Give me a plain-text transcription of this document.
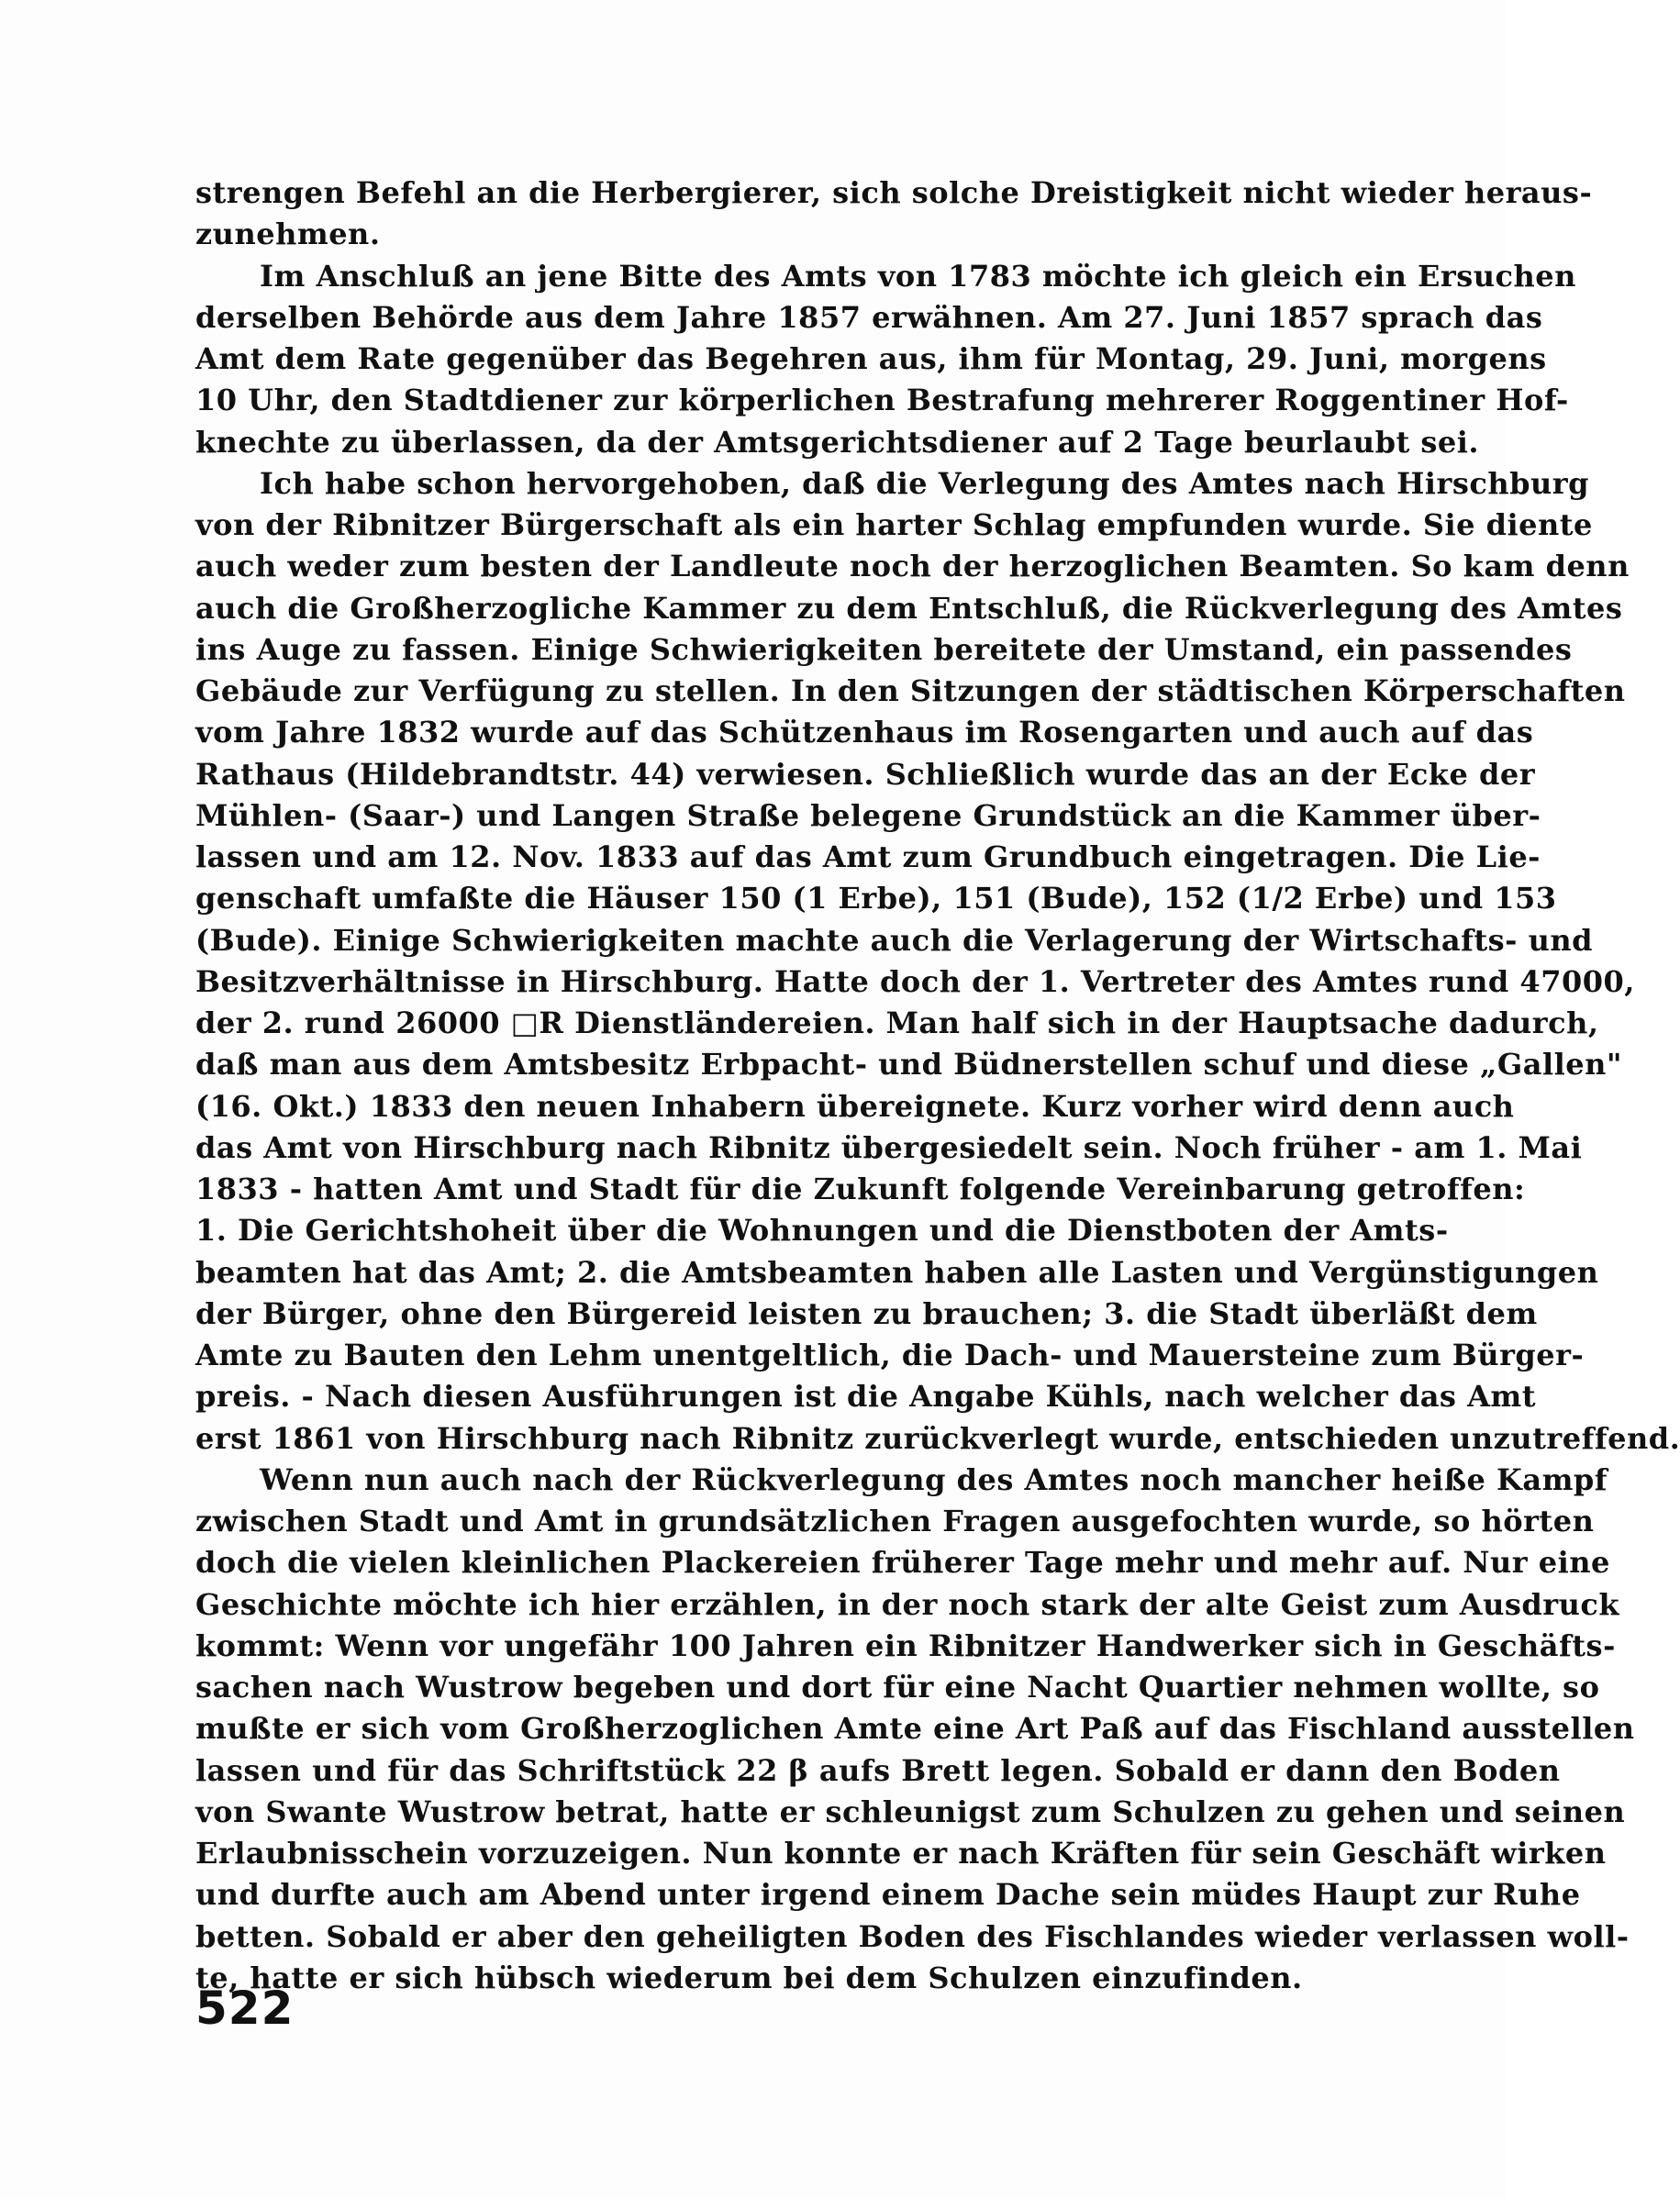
strengen Befehl an die Herbergierer, sich solche Dreistigkeit nicht wieder heraus-
zunehmen.
Im Anschluß an jene Bitte des Amts von 1783 möchte ich gleich ein Ersuchen
derselben Behörde aus dem Jahre 1857 erwähnen. Am 27. Juni 1857 sprach das
Amt dem Rate gegenüber das Begehren aus, ihm für Montag, 29. Juni, morgens
10 Uhr, den Stadtdiener zur körperlichen Bestrafung mehrerer Roggentiner Hof-
knechte zu überlassen, da der Amtsgerichtsdiener auf 2 Tage beurlaubt sei.
Ich habe schon hervorgehoben, daß die Verlegung des Amtes nach Hirschburg
von der Ribnitzer Bürgerschaft als ein harter Schlag empfunden wurde. Sie diente
auch weder zum besten der Landleute noch der herzoglichen Beamten. So kam denn
auch die Großherzogliche Kammer zu dem Entschluß, die Rückverlegung des Amtes
ins Auge zu fassen. Einige Schwierigkeiten bereitete der Umstand, ein passendes
Gebäude zur Verfügung zu stellen. In den Sitzungen der städtischen Körperschaften
vom Jahre 1832 wurde auf das Schützenhaus im Rosengarten und auch auf das
Rathaus (Hildebrandtstr. 44) verwiesen. Schließlich wurde das an der Ecke der
Mühlen- (Saar-) und Langen Straße belegene Grundstück an die Kammer über-
lassen und am 12. Nov. 1833 auf das Amt zum Grundbuch eingetragen. Die Lie-
genschaft umfaßte die Häuser 150 (1 Erbe), 151 (Bude), 152 (1/2 Erbe) und 153
(Bude). Einige Schwierigkeiten machte auch die Verlagerung der Wirtschafts- und
Besitzverhältnisse in Hirschburg. Hatte doch der 1. Vertreter des Amtes rund 47000,
der 2. rund 26000 □R Dienstländereien. Man half sich in der Hauptsache dadurch,
daß man aus dem Amtsbesitz Erbpacht- und Büdnerstellen schuf und diese „Gallen"
(16. Okt.) 1833 den neuen Inhabern übereignete. Kurz vorher wird denn auch
das Amt von Hirschburg nach Ribnitz übergesiedelt sein. Noch früher - am 1. Mai
1833 - hatten Amt und Stadt für die Zukunft folgende Vereinbarung getroffen:
1. Die Gerichtshoheit über die Wohnungen und die Dienstboten der Amts-
beamten hat das Amt; 2. die Amtsbeamten haben alle Lasten und Vergünstigungen
der Bürger, ohne den Bürgereid leisten zu brauchen; 3. die Stadt überläßt dem
Amte zu Bauten den Lehm unentgeltlich, die Dach- und Mauersteine zum Bürger-
preis. - Nach diesen Ausführungen ist die Angabe Kühls, nach welcher das Amt
erst 1861 von Hirschburg nach Ribnitz zurückverlegt wurde, entschieden unzutreffend.
Wenn nun auch nach der Rückverlegung des Amtes noch mancher heiße Kampf
zwischen Stadt und Amt in grundsätzlichen Fragen ausgefochten wurde, so hörten
doch die vielen kleinlichen Plackereien früherer Tage mehr und mehr auf. Nur eine
Geschichte möchte ich hier erzählen, in der noch stark der alte Geist zum Ausdruck
kommt: Wenn vor ungefähr 100 Jahren ein Ribnitzer Handwerker sich in Geschäfts-
sachen nach Wustrow begeben und dort für eine Nacht Quartier nehmen wollte, so
mußte er sich vom Großherzoglichen Amte eine Art Paß auf das Fischland ausstellen
lassen und für das Schriftstück 22 β aufs Brett legen. Sobald er dann den Boden
von Swante Wustrow betrat, hatte er schleunigst zum Schulzen zu gehen und seinen
Erlaubnisschein vorzuzeigen. Nun konnte er nach Kräften für sein Geschäft wirken
und durfte auch am Abend unter irgend einem Dache sein müdes Haupt zur Ruhe
betten. Sobald er aber den geheiligten Boden des Fischlandes wieder verlassen woll-
te, hatte er sich hübsch wiederum bei dem Schulzen einzufinden.
522
